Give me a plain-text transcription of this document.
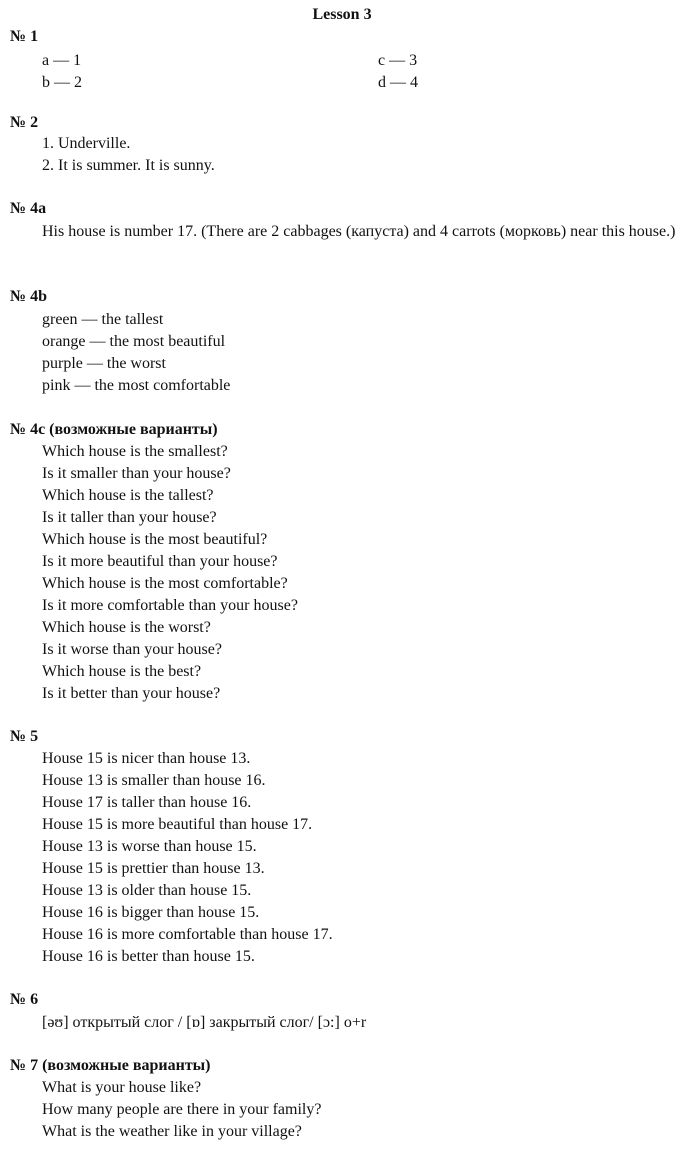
Lesson 3
№ 1
a — 1
b — 2
c — 3
d — 4
№ 2
1. Underville.
2. It is summer. It is sunny.
№ 4a
His house is number 17. (There are 2 cabbages (капуста) and 4 carrots (морковь) near this house.)
№ 4b
green — the tallest
orange — the most beautiful
purple — the worst
pink — the most comfortable
№ 4c (возможные варианты)
Which house is the smallest?
Is it smaller than your house?
Which house is the tallest?
Is it taller than your house?
Which house is the most beautiful?
Is it more beautiful than your house?
Which house is the most comfortable?
Is it more comfortable than your house?
Which house is the worst?
Is it worse than your house?
Which house is the best?
Is it better than your house?
№ 5
House 15 is nicer than house 13.
House 13 is smaller than house 16.
House 17 is taller than house 16.
House 15 is more beautiful than house 17.
House 13 is worse than house 15.
House 15 is prettier than house 13.
House 13 is older than house 15.
House 16 is bigger than house 15.
House 16 is more comfortable than house 17.
House 16 is better than house 15.
№ 6
[əʊ] открытый слог / [ɒ] закрытый слог/ [ɔ:] o+r
№ 7 (возможные варианты)
What is your house like?
How many people are there in your family?
What is the weather like in your village?
